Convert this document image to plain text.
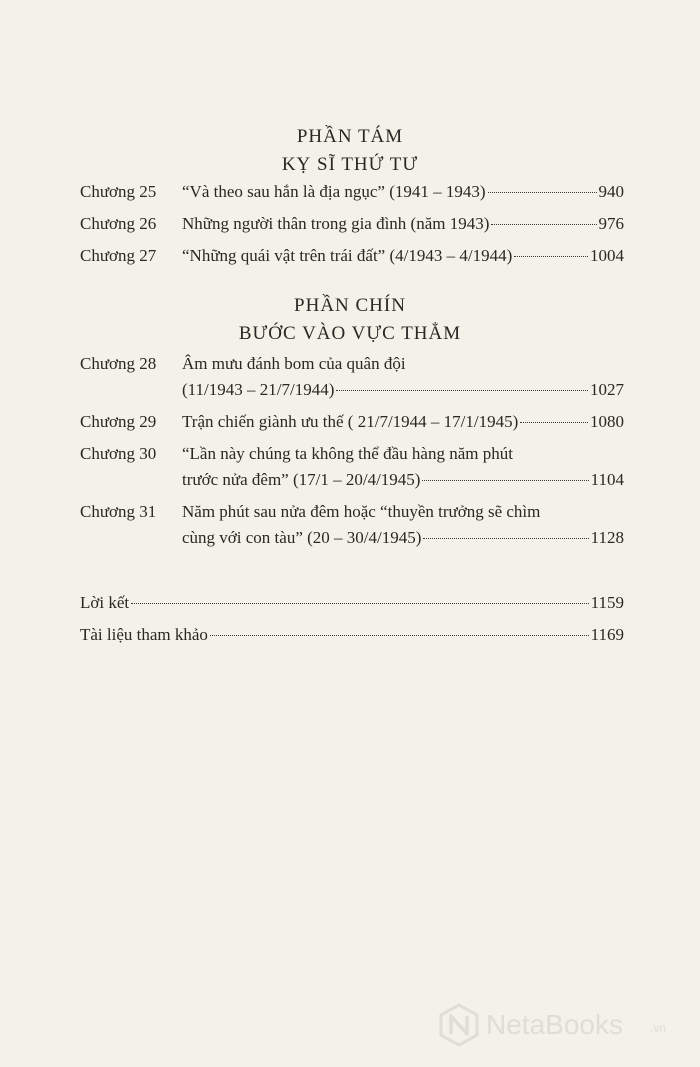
PHẦN TÁM
KỴ SĨ THỨ TƯ
Chương 25	“Và theo sau hắn là địa ngục” (1941 – 1943)	940
Chương 26	Những người thân trong gia đình (năm 1943)	976
Chương 27	“Những quái vật trên trái đất” (4/1943 – 4/1944)	1004
PHẦN CHÍN
BƯỚC VÀO VỰC THẲM
Chương 28	Âm mưu đánh bom của quân đội
(11/1943 – 21/7/1944)	1027
Chương 29	Trận chiến giành ưu thế ( 21/7/1944 – 17/1/1945)	1080
Chương 30	“Lần này chúng ta không thể đầu hàng năm phút
trước nửa đêm” (17/1 – 20/4/1945)	1104
Chương 31	Năm phút sau nửa đêm hoặc “thuyền trưởng sẽ chìm
cùng với con tàu” (20 – 30/4/1945)	1128
Lời kết	1159
Tài liệu tham khảo	1169
NetaBooks .vn
